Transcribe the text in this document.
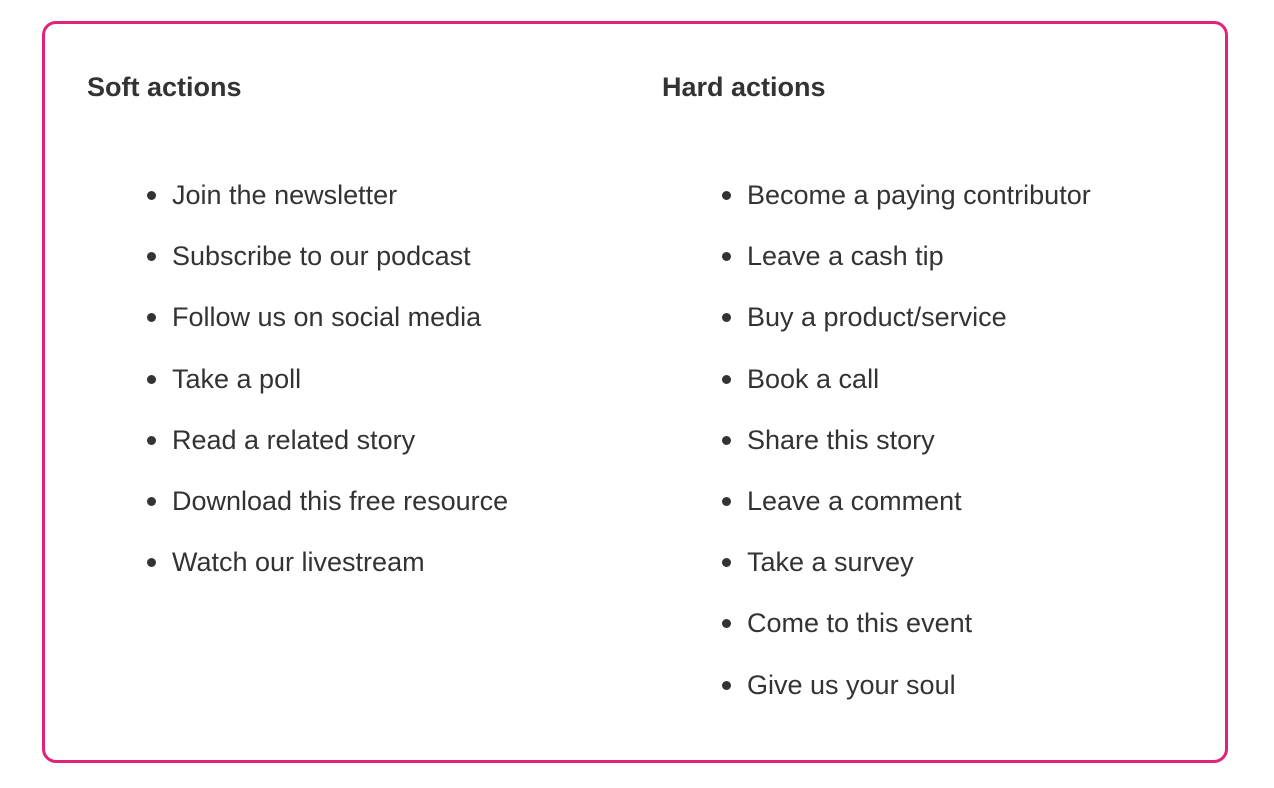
Soft actions
Join the newsletter
Subscribe to our podcast
Follow us on social media
Take a poll
Read a related story
Download this free resource
Watch our livestream
Hard actions
Become a paying contributor
Leave a cash tip
Buy a product/service
Book a call
Share this story
Leave a comment
Take a survey
Come to this event
Give us your soul
